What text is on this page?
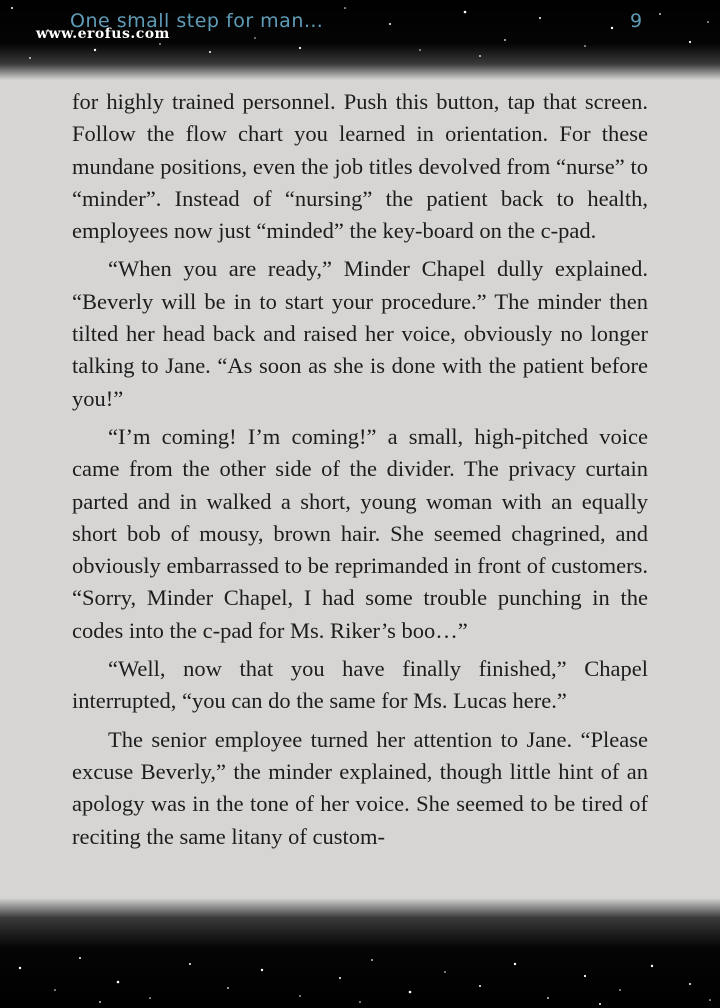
One small step for man…	9
www.erofus.com

for highly trained personnel. Push this button, tap that screen. Follow the flow chart you learned in orientation. For these mundane positions, even the job titles devolved from “nurse” to “minder”. Instead of “nursing” the patient back to health, employees now just “minded” the key-board on the c-pad.

“When you are ready,” Minder Chapel dully explained. “Beverly will be in to start your procedure.” The minder then tilted her head back and raised her voice, obviously no longer talking to Jane. “As soon as she is done with the patient before you!”

“I’m coming! I’m coming!” a small, high-pitched voice came from the other side of the divider. The privacy curtain parted and in walked a short, young woman with an equally short bob of mousy, brown hair. She seemed chagrined, and obviously embarrassed to be reprimanded in front of customers. “Sorry, Minder Chapel, I had some trouble punching in the codes into the c-pad for Ms. Riker’s boo…”

“Well, now that you have finally finished,” Chapel interrupted, “you can do the same for Ms. Lucas here.”

The senior employee turned her attention to Jane. “Please excuse Beverly,” the minder explained, though little hint of an apology was in the tone of her voice. She seemed to be tired of reciting the same litany of custom-
